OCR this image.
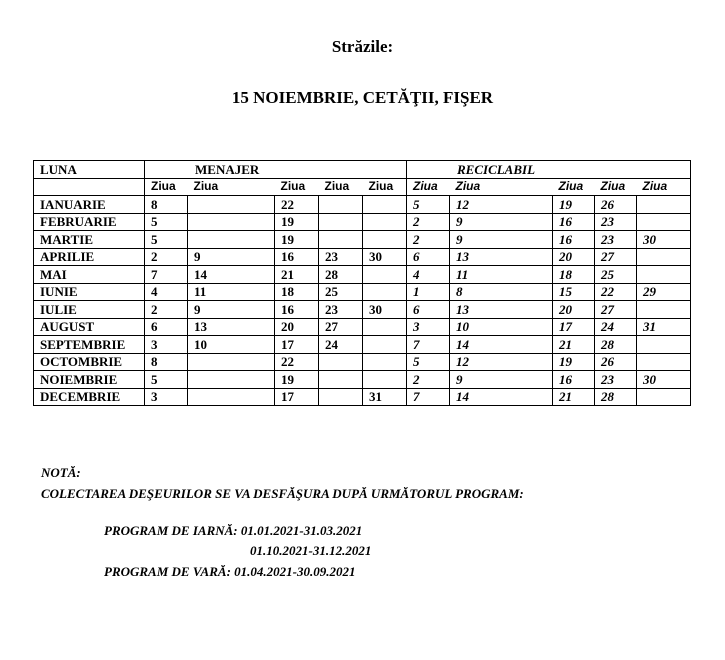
Străzile:
15 NOIEMBRIE, CETĂŢII, FIŞER
LUNA	MENAJER					RECICLABIL				
	Ziua	Ziua	Ziua	Ziua	Ziua	Ziua	Ziua	Ziua	Ziua	Ziua
IANUARIE	8		22			5	12	19	26	
FEBRUARIE	5		19			2	9	16	23	
MARTIE	5		19			2	9	16	23	30
APRILIE	2	9	16	23	30	6	13	20	27	
MAI	7	14	21	28		4	11	18	25	
IUNIE	4	11	18	25		1	8	15	22	29
IULIE	2	9	16	23	30	6	13	20	27	
AUGUST	6	13	20	27		3	10	17	24	31
SEPTEMBRIE	3	10	17	24		7	14	21	28	
OCTOMBRIE	8		22			5	12	19	26	
NOIEMBRIE	5		19			2	9	16	23	30
DECEMBRIE	3		17		31	7	14	21	28	
NOTĂ:
COLECTAREA DEŞEURILOR SE VA DESFĂŞURA DUPĂ URMĂTORUL PROGRAM:
PROGRAM DE IARNĂ: 01.01.2021-31.03.2021
01.10.2021-31.12.2021
PROGRAM DE VARĂ: 01.04.2021-30.09.2021
